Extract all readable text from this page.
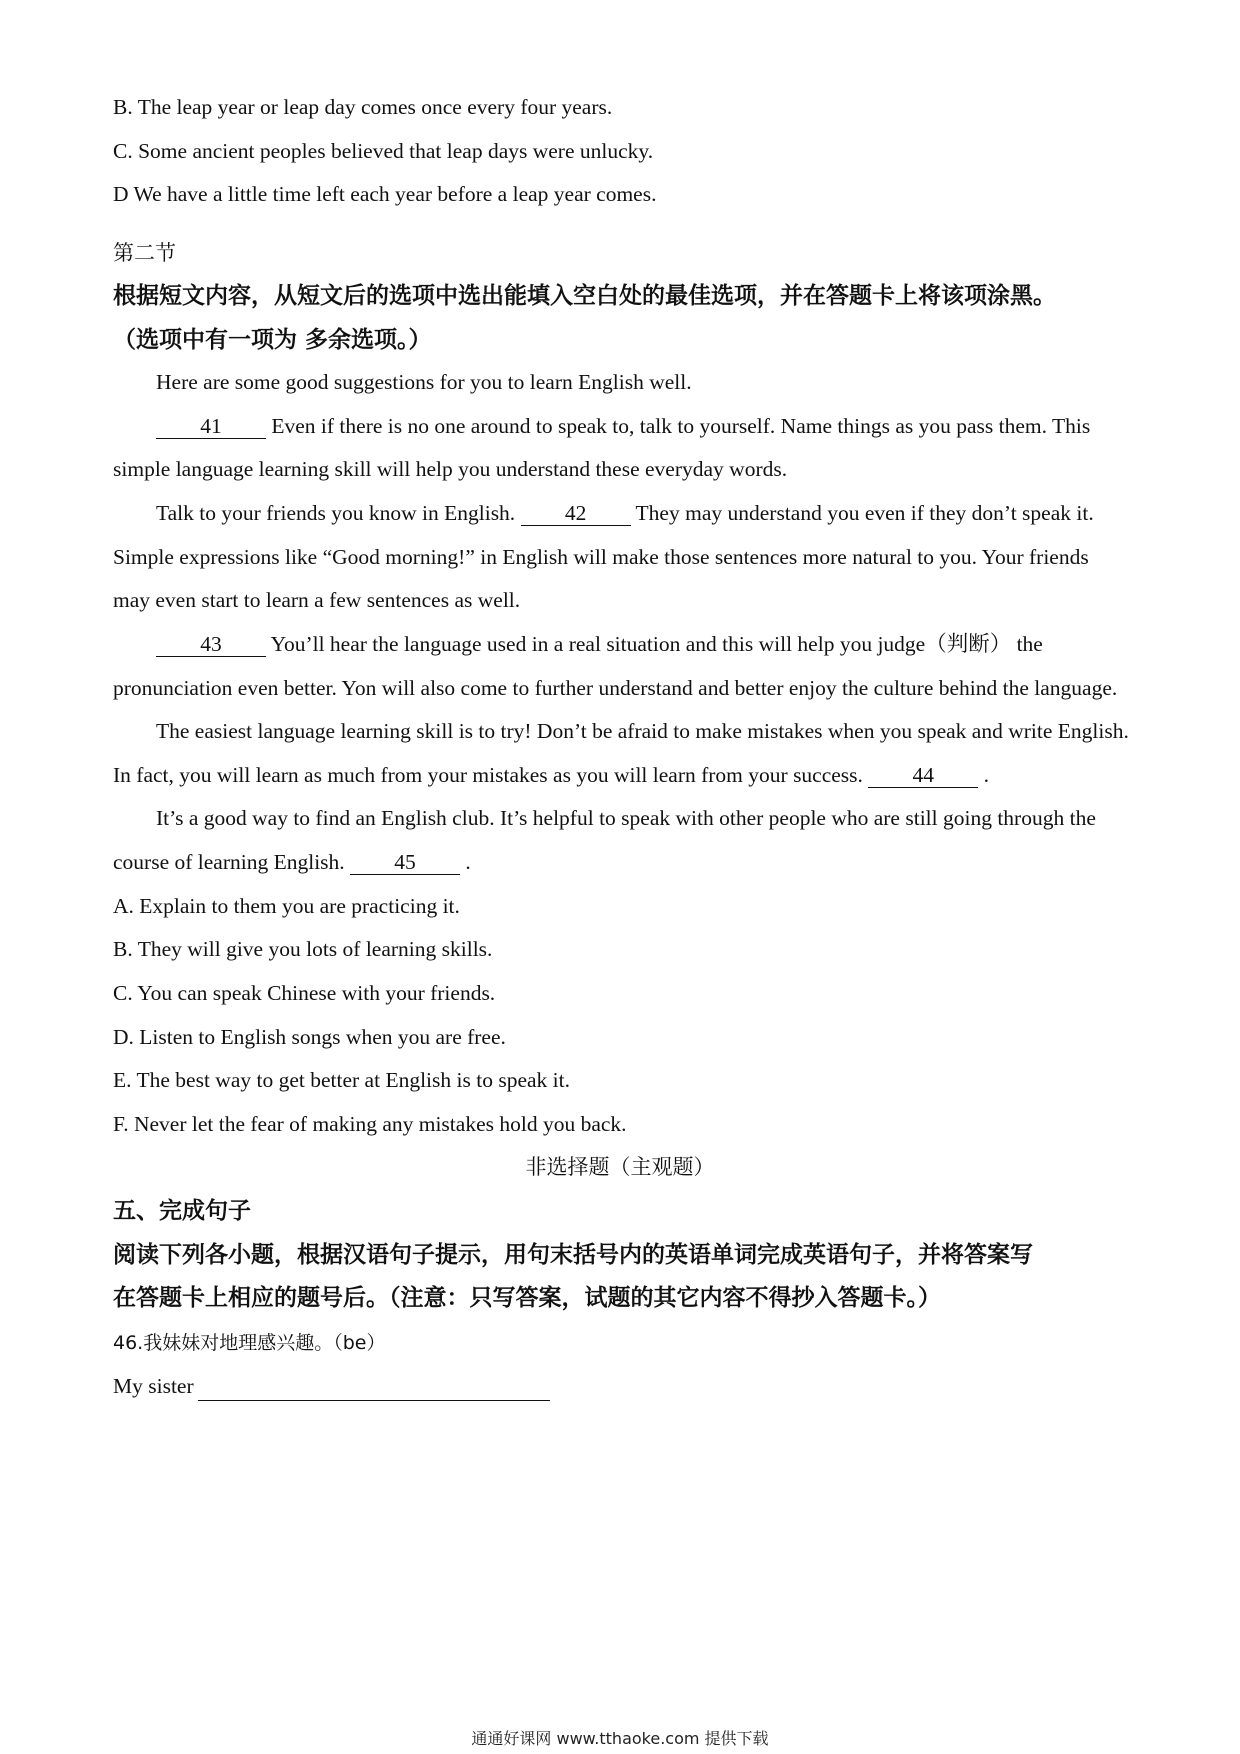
B. The leap year or leap day comes once every four years.
C. Some ancient peoples believed that leap days were unlucky.
D We have a little time left each year before a leap year comes.
第二节
根据短文内容，从短文后的选项中选出能填入空白处的最佳选项，并在答题卡上将该项涂黑。
（选项中有一项为 多余选项。）
Here are some good suggestions for you to learn English well.
41 Even if there is no one around to speak to, talk to yourself. Name things as you pass them. This
simple language learning skill will help you understand these everyday words.
Talk to your friends you know in English. 42 They may understand you even if they don’t speak it.
Simple expressions like “Good morning!” in English will make those sentences more natural to you. Your friends
may even start to learn a few sentences as well.
43 You’ll hear the language used in a real situation and this will help you judge（判断） the
pronunciation even better. Yon will also come to further understand and better enjoy the culture behind the language.
The easiest language learning skill is to try! Don’t be afraid to make mistakes when you speak and write English.
In fact, you will learn as much from your mistakes as you will learn from your success. 44 .
It’s a good way to find an English club. It’s helpful to speak with other people who are still going through the
course of learning English. 45 .
A. Explain to them you are practicing it.
B. They will give you lots of learning skills.
C. You can speak Chinese with your friends.
D. Listen to English songs when you are free.
E. The best way to get better at English is to speak it.
F. Never let the fear of making any mistakes hold you back.
非选择题（主观题）
五、完成句子
阅读下列各小题，根据汉语句子提示，用句末括号内的英语单词完成英语句子，并将答案写
在答题卡上相应的题号后。（注意：只写答案，试题的其它内容不得抄入答题卡。）
46.我妹妹对地理感兴趣。（be）
My sister
通通好课网 www.tthaoke.com 提供下载
